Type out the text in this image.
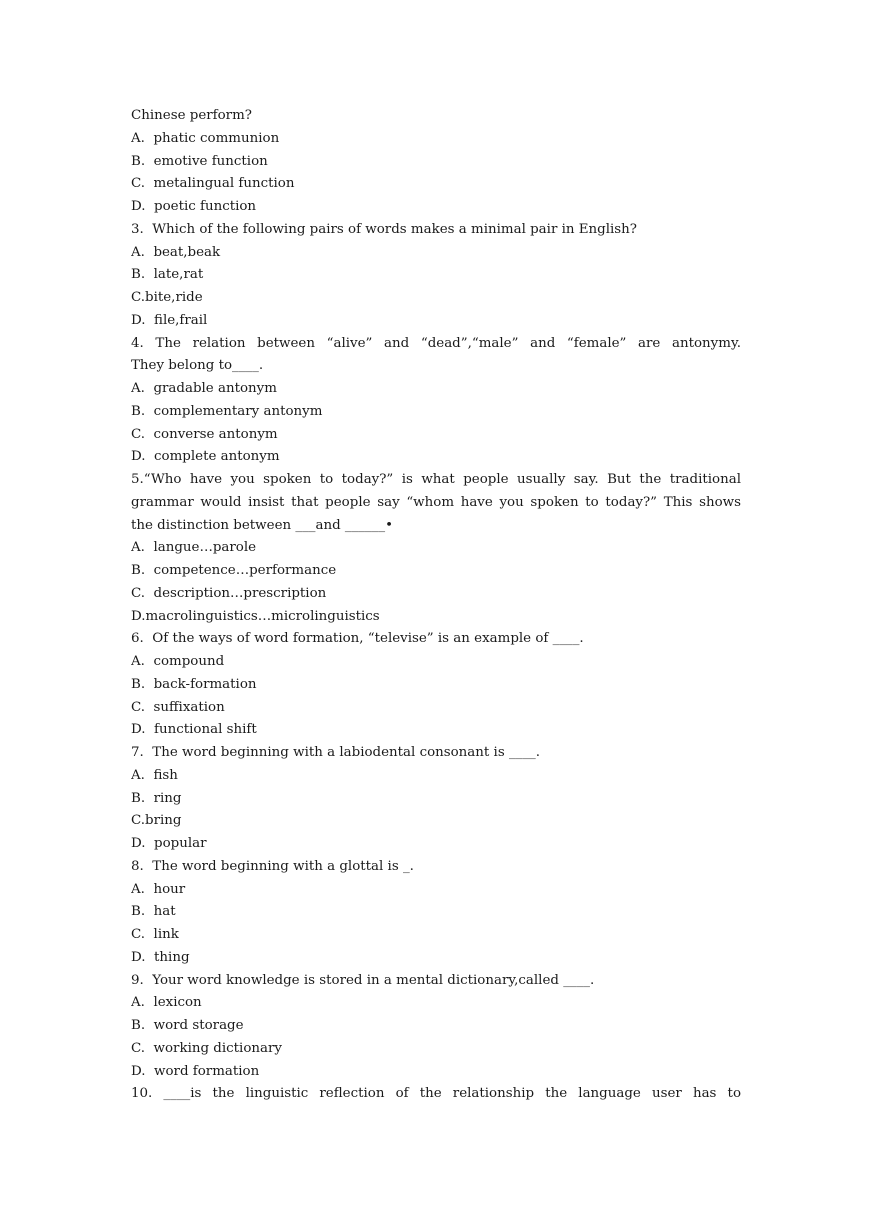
Chinese perform?
A.  phatic communion
B.  emotive function
C.  metalingual function
D.  poetic function
3.  Which of the following pairs of words makes a minimal pair in English?
A.  beat,beak
B.  late,rat
C.bite,ride
D.  file,frail
4. The relation between “alive” and “dead”,“male” and “female” are antonymy.
They belong to____.
A.  gradable antonym
B.  complementary antonym
C.  converse antonym
D.  complete antonym
5.“Who have you spoken to today?” is what people usually say. But the traditional
grammar would insist that people say “whom have you spoken to today?” This shows
the distinction between ___and ______•
A.  langue…parole
B.  competence…performance
C.  description…prescription
D.macrolinguistics…microlinguistics
6.  Of the ways of word formation, “televise” is an example of ____.
A.  compound
B.  back-formation
C.  suffixation
D.  functional shift
7.  The word beginning with a labiodental consonant is ____.
A.  fish
B.  ring
C.bring
D.  popular
8.  The word beginning with a glottal is _.
A.  hour
B.  hat
C.  link
D.  thing
9.  Your word knowledge is stored in a mental dictionary,called ____.
A.  lexicon
B.  word storage
C.  working dictionary
D.  word formation
10. ____is the linguistic reflection of the relationship the language user has to
